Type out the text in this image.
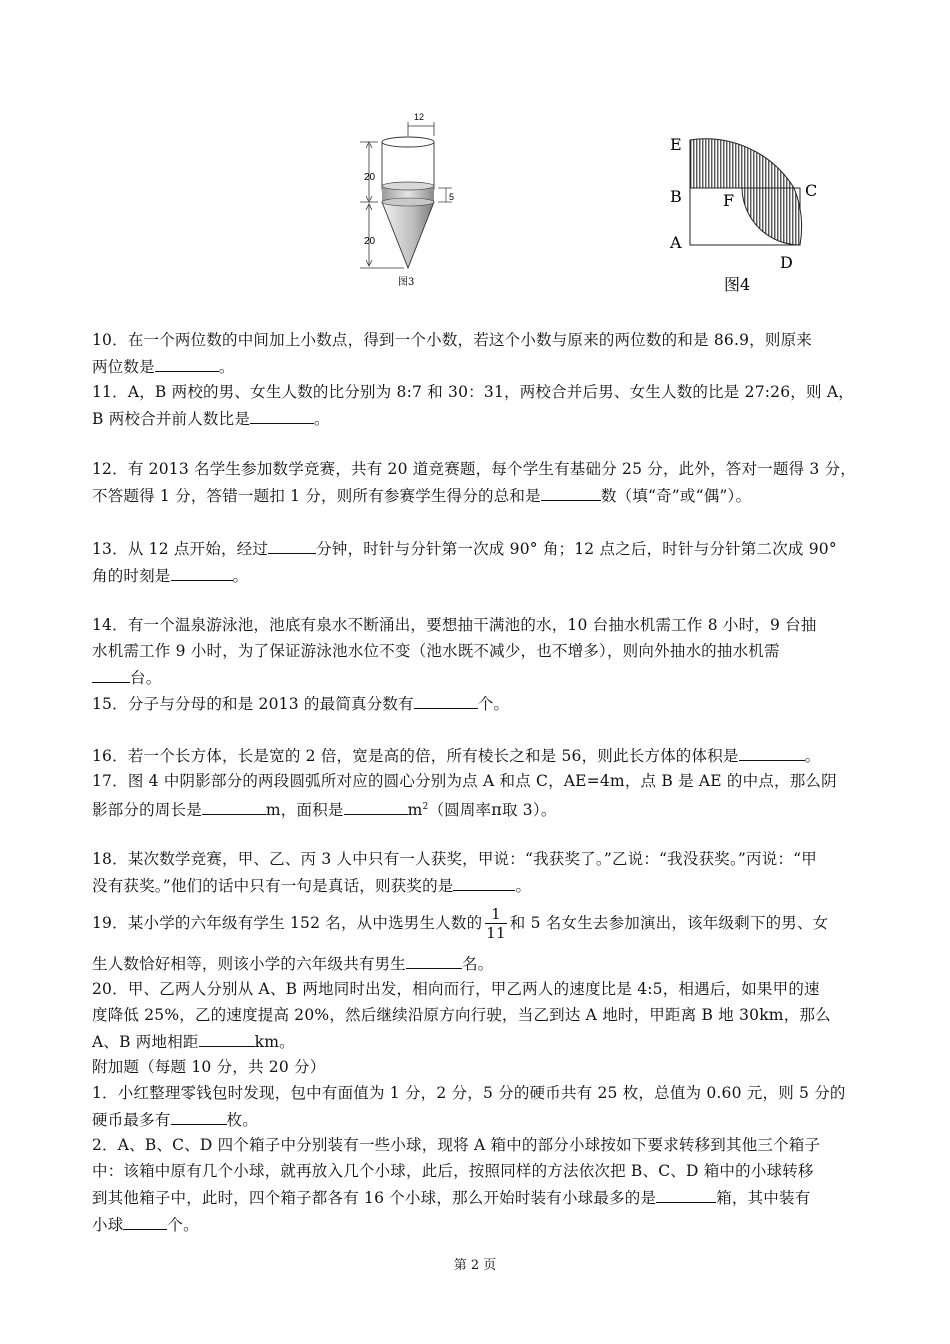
12
5
20
20
图3
E
B	C
F
A
D
图4
10．在一个两位数的中间加上小数点，得到一个小数，若这个小数与原来的两位数的和是 86.9，则原来
两位数是	。
11．A，B 两校的男、女生人数的比分别为 8:7 和 30：31，两校合并后男、女生人数的比是 27:26，则 A，
B 两校合并前人数比是	。
12．有 2013 名学生参加数学竞赛，共有 20 道竞赛题，每个学生有基础分 25 分，此外，答对一题得 3 分，
不答题得 1 分，答错一题扣 1 分，则所有参赛学生得分的总和是	数（填“奇”或“偶”）。
13．从 12 点开始，经过	分钟，时针与分针第一次成 90° 角；12 点之后，时针与分针第二次成 90°
角的时刻是	。
14．有一个温泉游泳池，池底有泉水不断涌出，要想抽干满池的水，10 台抽水机需工作 8 小时，9 台抽
水机需工作 9 小时，为了保证游泳池水位不变（池水既不减少，也不增多），则向外抽水的抽水机需
台。
15．分子与分母的和是 2013 的最简真分数有	个。
16．若一个长方体，长是宽的 2 倍，宽是高的倍，所有棱长之和是 56，则此长方体的体积是	。
17．图 4 中阴影部分的两段圆弧所对应的圆心分别为点 A 和点 C，AE=4m，点 B 是 AE 的中点，那么阴
影部分的周长是	m，面积是	$m^2$（圆周率π取 3）。
18．某次数学竞赛，甲、乙、丙 3 人中只有一人获奖，甲说：“我获奖了。”乙说：“我没获奖。”丙说：“甲
没有获奖。”他们的话中只有一句是真话，则获奖的是	。
19．某小学的六年级有学生 152 名，从中选男生人数的 $\frac{1}{11}$ 和 5 名女生去参加演出，该年级剩下的男、女
生人数恰好相等，则该小学的六年级共有男生	名。
20．甲、乙两人分别从 A、B 两地同时出发，相向而行，甲乙两人的速度比是 4:5，相遇后，如果甲的速
度降低 25%，乙的速度提高 20%，然后继续沿原方向行驶，当乙到达 A 地时，甲距离 B 地 30km，那么
A、B 两地相距	km。
附加题（每题 10 分，共 20 分）
1．小红整理零钱包时发现，包中有面值为 1 分，2 分，5 分的硬币共有 25 枚，总值为 0.60 元，则 5 分的
硬币最多有	枚。
2．A、B、C、D 四个箱子中分别装有一些小球，现将 A 箱中的部分小球按如下要求转移到其他三个箱子
中：该箱中原有几个小球，就再放入几个小球，此后，按照同样的方法依次把 B、C、D 箱中的小球转移
到其他箱子中，此时，四个箱子都各有 16 个小球，那么开始时装有小球最多的是	箱，其中装有
小球	个。
第 2 页
